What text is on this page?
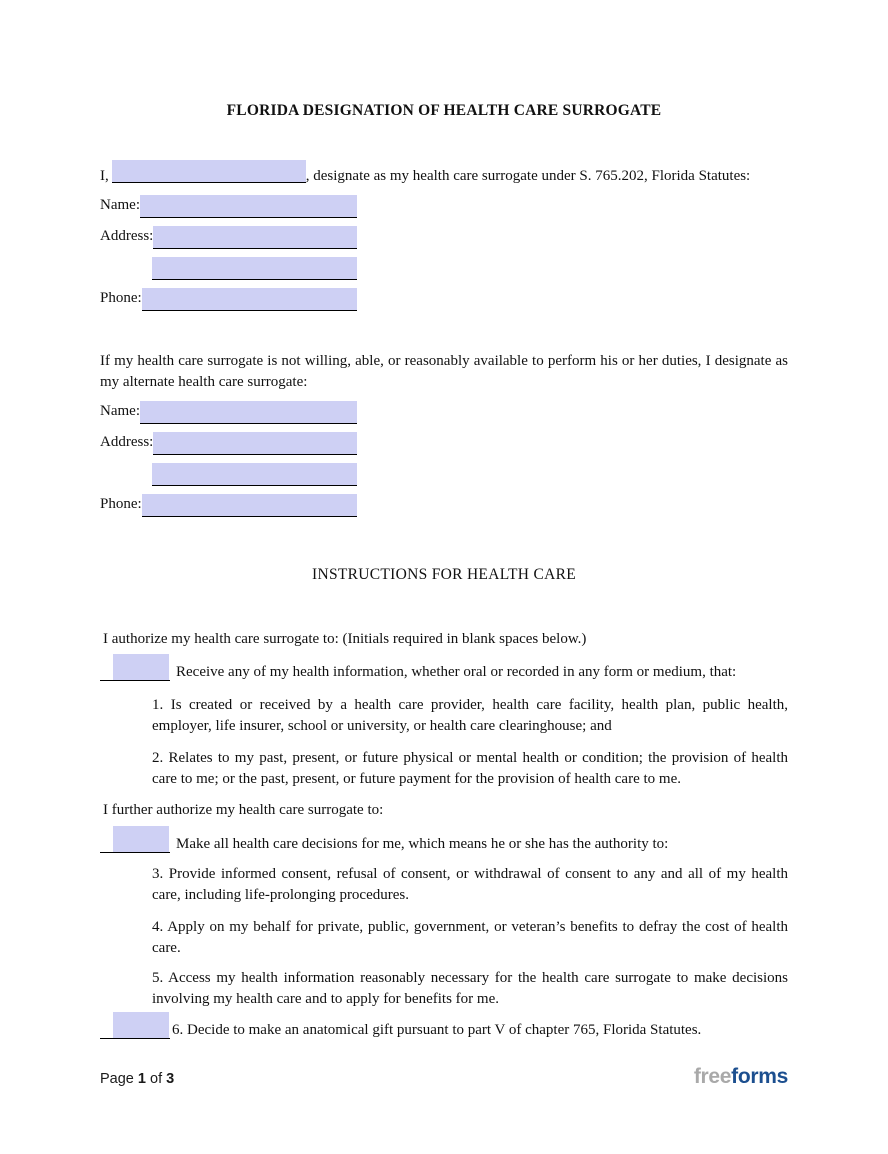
FLORIDA DESIGNATION OF HEALTH CARE SURROGATE

I,	, designate as my health care surrogate under S. 765.202, Florida Statutes:

Name:
Address:
Phone:

If my health care surrogate is not willing, able, or reasonably available to perform his or her duties, I designate as my alternate health care surrogate:

Name:
Address:
Phone:
INSTRUCTIONS FOR HEALTH CARE

I authorize my health care surrogate to: (Initials required in blank spaces below.)

Receive any of my health information, whether oral or recorded in any form or medium, that:

1. Is created or received by a health care provider, health care facility, health plan, public health, employer, life insurer, school or university, or health care clearinghouse; and

2. Relates to my past, present, or future physical or mental health or condition; the provision of health care to me; or the past, present, or future payment for the provision of health care to me.

I further authorize my health care surrogate to:

Make all health care decisions for me, which means he or she has the authority to:

3. Provide informed consent, refusal of consent, or withdrawal of consent to any and all of my health care, including life-prolonging procedures.

4. Apply on my behalf for private, public, government, or veteran’s benefits to defray the cost of health care.

5. Access my health information reasonably necessary for the health care surrogate to make decisions involving my health care and to apply for benefits for me.

6. Decide to make an anatomical gift pursuant to part V of chapter 765, Florida Statutes.

Page 1 of 3	freeforms
